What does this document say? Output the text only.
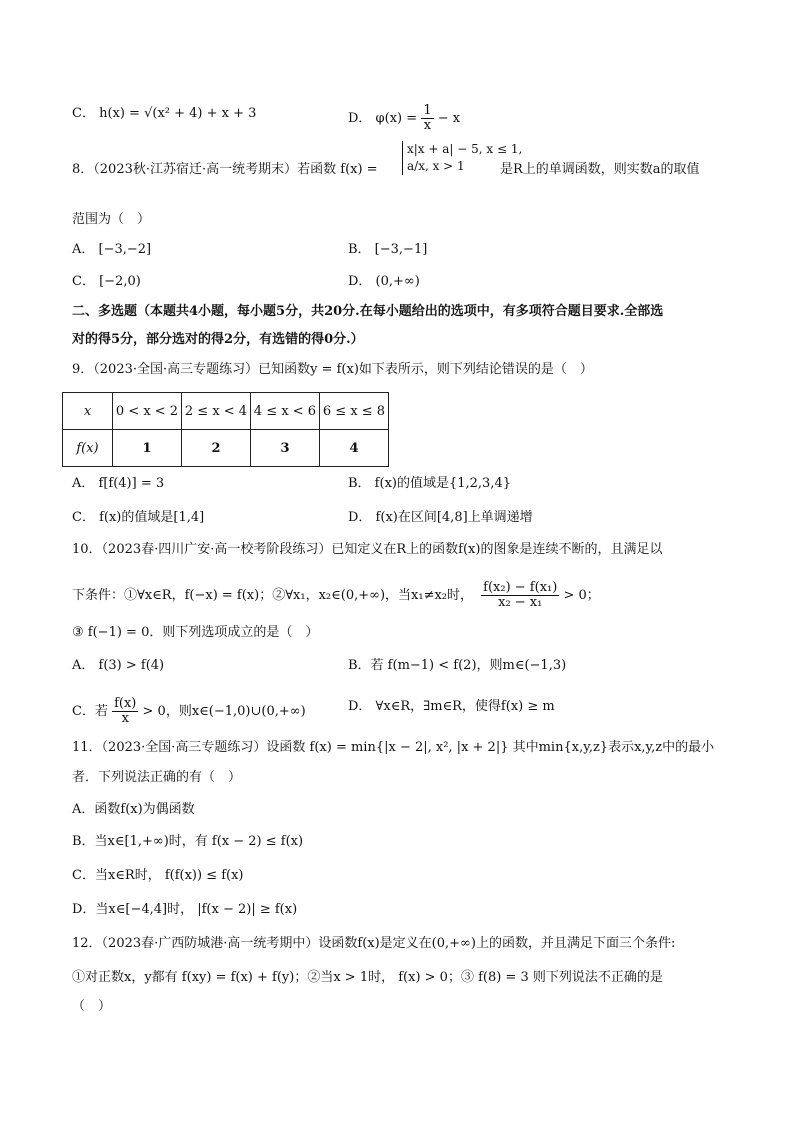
C． h(x) = √(x² + 4) + x + 3	D． $\varphi(x) = \frac{1}{x} - x$
8．（2023秋·江苏宿迁·高一统考期末）若函数 f(x) =
x|x + a| − 5, x ≤ 1,
a/x, x > 1	是R上的单调函数，则实数a的取值
范围为（　）
A． [−3,−2]	B． [−3,−1]
C． [−2,0)	D． (0,+∞)
二、多选题（本题共4小题，每小题5分，共20分.在每小题给出的选项中，有多项符合题目要求.全部选
对的得5分，部分选对的得2分，有选错的得0分.）
9．（2023·全国·高三专题练习）已知函数y = f(x)如下表所示，则下列结论错误的是（　）
x	0 < x < 2	2 ≤ x < 4	4 ≤ x < 6	6 ≤ x ≤ 8
f(x)	1	2	3	4
A． f[f(4)] = 3	B． f(x)的值域是{1,2,3,4}
C． f(x)的值域是[1,4]	D． f(x)在区间[4,8]上单调递增
10．（2023春·四川广安·高一校考阶段练习）已知定义在R上的函数f(x)的图象是连续不断的，且满足以
下条件：①∀x∈R，f(−x) = f(x)；②∀x₁，x₂∈(0,+∞)，当x₁≠x₂时， $\frac{\text{f(x₂) − f(x₁)}}{\text{x₂ − x₁}} > 0$；
③ f(−1) = 0．则下列选项成立的是（　）
A． f(3) > f(4)	B．若 f(m−1) < f(2)，则m∈(−1,3)
C．若 $\frac{f(x)}{x} > 0$，则x∈(−1,0)∪(0,+∞)	D． ∀x∈R，∃m∈R，使得f(x) ≥ m
11．（2023·全国·高三专题练习）设函数 f(x) = min{|x − 2|, x², |x + 2|} 其中min{x,y,z}表示x,y,z中的最小
者．下列说法正确的有（　）
A．函数f(x)为偶函数
B．当x∈[1,+∞)时，有 f(x − 2) ≤ f(x)
C．当x∈R时， f(f(x)) ≤ f(x)
D．当x∈[−4,4]时， |f(x − 2)| ≥ f(x)
12．（2023春·广西防城港·高一统考期中）设函数f(x)是定义在(0,+∞)上的函数，并且满足下面三个条件:
①对正数x，y都有 f(xy) = f(x) + f(y)；②当x > 1时， f(x) > 0；③ f(8) = 3 则下列说法不正确的是
（　）
